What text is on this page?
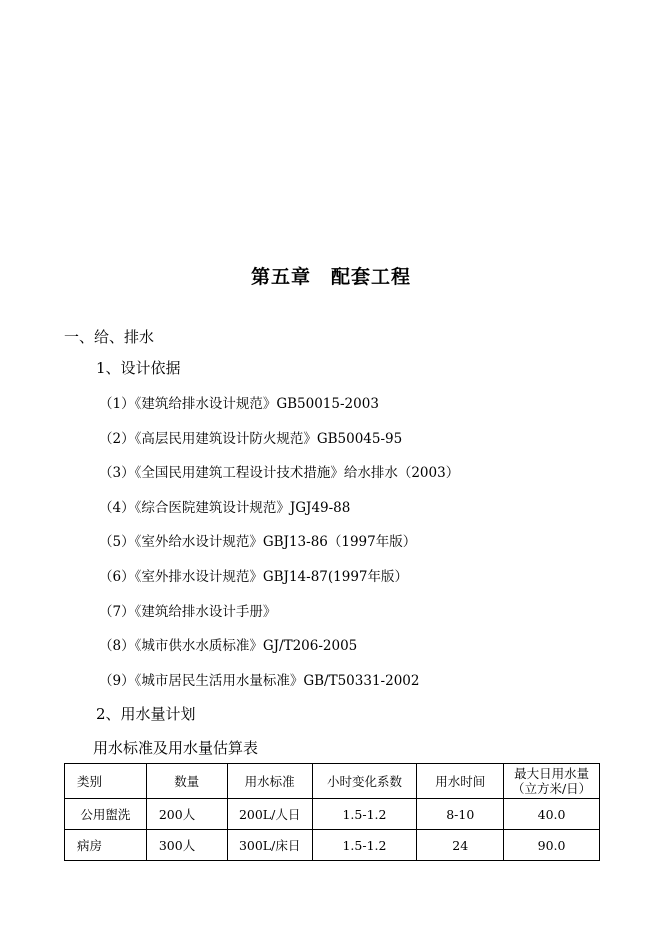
第五章　配套工程
一、给、排水
1、设计依据
（1）《建筑给排水设计规范》GB50015-2003
（2）《高层民用建筑设计防火规范》GB50045-95
（3）《全国民用建筑工程设计技术措施》给水排水（2003）
（4）《综合医院建筑设计规范》JGJ49-88
（5）《室外给水设计规范》GBJ13-86（1997年版）
（6）《室外排水设计规范》GBJ14-87(1997年版）
（7）《建筑给排水设计手册》
（8）《城市供水水质标准》GJ/T206-2005
（9）《城市居民生活用水量标准》GB/T50331-2002
2、用水量计划
用水标准及用水量估算表
类别	数量	用水标准	小时变化系数	用水时间	最大日用水量
（立方米/日）

公用盥洗	200人	200L/人日	1.5-1.2	8-10	40.0
病房	300人	300L/床日	1.5-1.2	24	90.0
